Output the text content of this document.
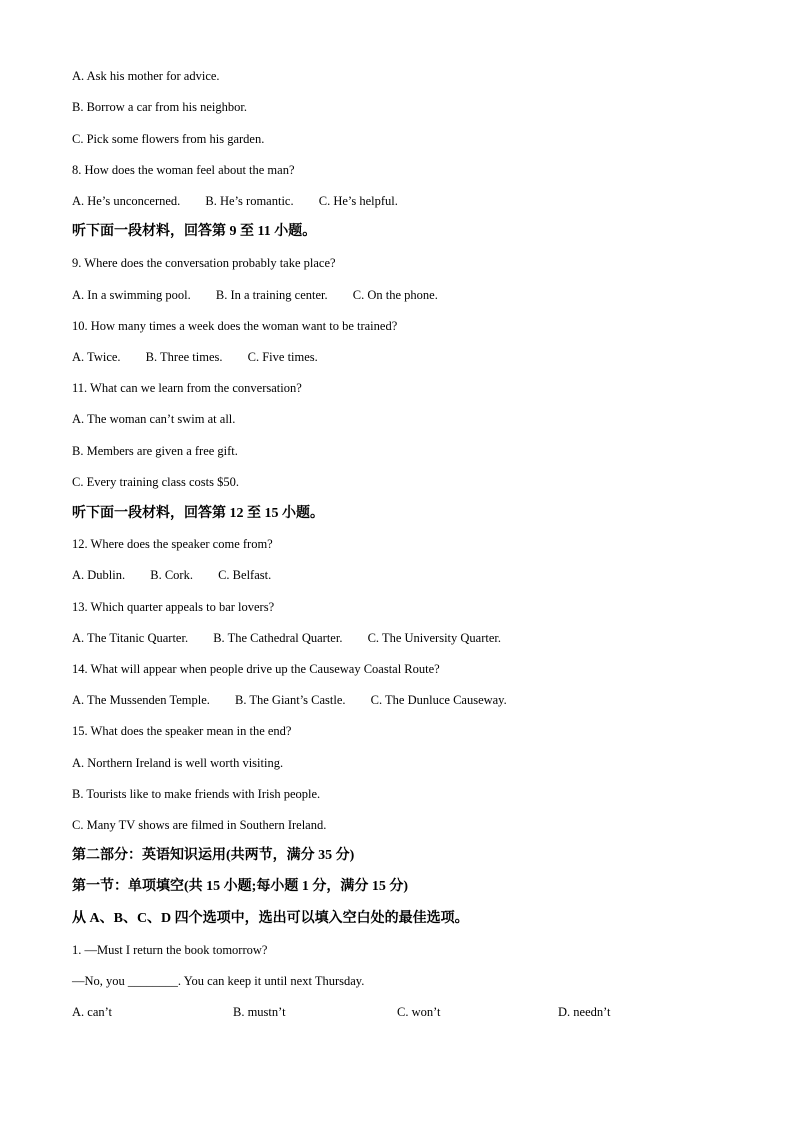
A. Ask his mother for advice.
B. Borrow a car from his neighbor.
C. Pick some flowers from his garden.
8. How does the woman feel about the man?
A. He’s unconcerned. B. He’s romantic. C. He’s helpful.
听下面一段材料，回答第 9 至 11 小题。
9. Where does the conversation probably take place?
A. In a swimming pool. B. In a training center. C. On the phone.
10. How many times a week does the woman want to be trained?
A. Twice. B. Three times. C. Five times.
11. What can we learn from the conversation?
A. The woman can’t swim at all.
B. Members are given a free gift.
C. Every training class costs $50.
听下面一段材料，回答第 12 至 15 小题。
12. Where does the speaker come from?
A. Dublin. B. Cork. C. Belfast.
13. Which quarter appeals to bar lovers?
A. The Titanic Quarter. B. The Cathedral Quarter. C. The University Quarter.
14. What will appear when people drive up the Causeway Coastal Route?
A. The Mussenden Temple. B. The Giant’s Castle. C. The Dunluce Causeway.
15. What does the speaker mean in the end?
A. Northern Ireland is well worth visiting.
B. Tourists like to make friends with Irish people.
C. Many TV shows are filmed in Southern Ireland.
第二部分：英语知识运用(共两节，满分 35 分)
第一节：单项填空(共 15 小题;每小题 1 分，满分 15 分)
从 A、B、C、D 四个选项中，选出可以填入空白处的最佳选项。
1. —Must I return the book tomorrow?
—No, you ________. You can keep it until next Thursday.
A. can’t	B. mustn’t	C. won’t	D. needn’t
